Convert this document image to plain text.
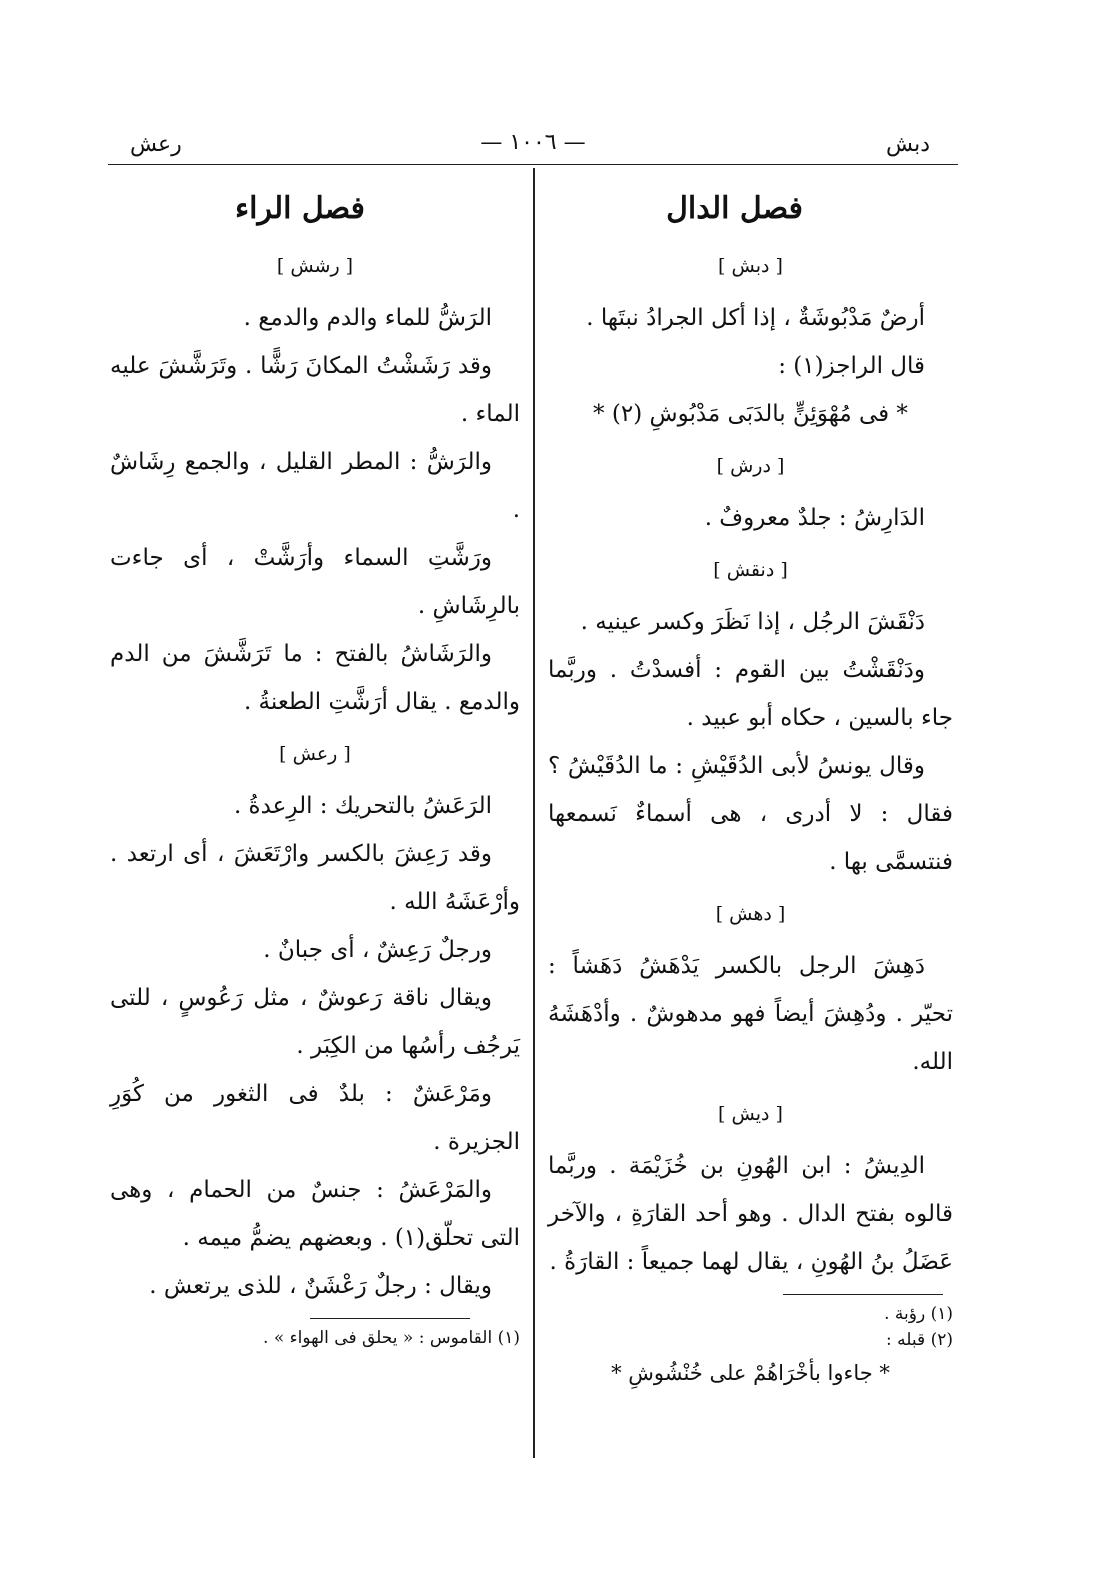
دبش
— ١٠٠٦ —
رعش
فصل الدال
[ دبش ]
أرضٌ مَدْبُوشَةٌ ، إذا أكل الجرادُ نبتَها .
قال الراجز(١) :
* فى مُهْوَئِنٍّ بالدَبَى مَدْبُوشِ (٢) *
[ درش ]
الدَارِشُ : جلدٌ معروفٌ .
[ دنقش ]
دَنْقَشَ الرجُل ، إذا نَظَرَ وكسر عينيه .
ودَنْقَشْتُ بين القوم : أفسدْتُ . وربَّما جاء بالسين ، حكاه أبو عبيد .
وقال يونسُ لأبى الدُقَيْشِ : ما الدُقَيْشُ ؟ فقال : لا أدرى ، هى أسماءٌ نَسمعها فنتسمَّى بها .
[ دهش ]
دَهِشَ الرجل بالكسر يَدْهَشُ دَهَشاً : تحيّر . ودُهِشَ أيضاً فهو مدهوشٌ . وأدْهَشَهُ الله.
[ ديش ]
الدِيشُ : ابن الهُونِ بن خُزَيْمَة . وربَّما قالوه بفتح الدال . وهو أحد القارَةِ ، والآخر عَضَلُ بنُ الهُونِ ، يقال لهما جميعاً : القارَةُ .
(١) رؤبة .
(٢) قبله :
* جاءوا بأخْرَاهُمْ على خُنْشُوشِ *
فصل الراء
[ رشش ]
الرَشُّ للماء والدم والدمع .
وقد رَشَشْتُ المكانَ رَشًّا . وتَرَشَّشَ عليه الماء .
والرَشُّ : المطر القليل ، والجمع رِشَاشٌ .
ورَشَّتِ السماء وأرَشَّتْ ، أى جاءت بالرِشَاشِ .
والرَشَاشُ بالفتح : ما تَرَشَّشَ من الدم والدمع . يقال أرَشَّتِ الطعنةُ .
[ رعش ]
الرَعَشُ بالتحريك : الرِعدةُ .
وقد رَعِشَ بالكسر وارْتَعَشَ ، أى ارتعد . وأرْعَشَهُ الله .
ورجلٌ رَعِشٌ ، أى جبانٌ .
ويقال ناقة رَعوشٌ ، مثل رَعُوسٍ ، للتى يَرجُف رأسُها من الكِبَر .
ومَرْعَشٌ : بلدٌ فى الثغور من كُوَرِ الجزيرة .
والمَرْعَشُ : جنسٌ من الحمام ، وهى التى تحلّق(١) . وبعضهم يضمُّ ميمه .
ويقال : رجلٌ رَعْشَنٌ ، للذى يرتعش .
(١) القاموس : « يحلق فى الهواء » .
